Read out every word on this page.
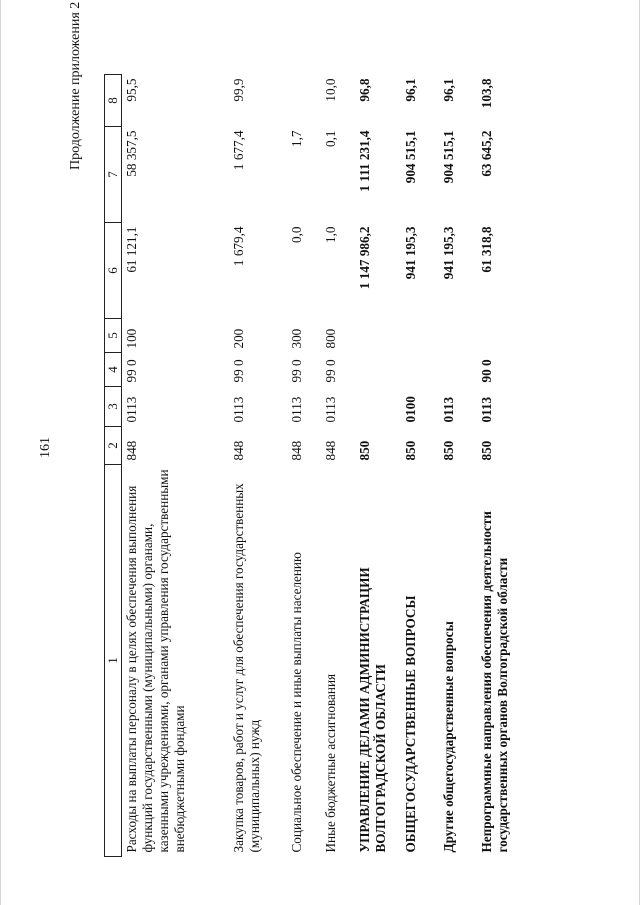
161
Продолжение приложения 2
1	2	3	4	5	6	7	8
Расходы на выплаты персоналу в целях обеспечения выполнения функций государственными (муниципальными) органами, казенными учреждениями, органами управления государственными внебюджетными фондами	848	0113	99 0	100	61 121,1	58 357,5	95,5
Закупка товаров, работ и услуг для обеспечения государственных (муниципальных) нужд	848	0113	99 0	200	1 679,4	1 677,4	99,9
Социальное обеспечение и иные выплаты населению	848	0113	99 0	300	0,0	1,7	
Иные бюджетные ассигнования	848	0113	99 0	800	1,0	0,1	10,0
УПРАВЛЕНИЕ ДЕЛАМИ АДМИНИСТРАЦИИ ВОЛГОГРАДСКОЙ ОБЛАСТИ	850				1 147 986,2	1 111 231,4	96,8
ОБЩЕГОСУДАРСТВЕННЫЕ ВОПРОСЫ	850	0100			941 195,3	904 515,1	96,1
Другие общегосударственные вопросы	850	0113			941 195,3	904 515,1	96,1
Непрограммные направления обеспечения деятельности государственных органов Волгоградской области	850	0113	90 0		61 318,8	63 645,2	103,8
